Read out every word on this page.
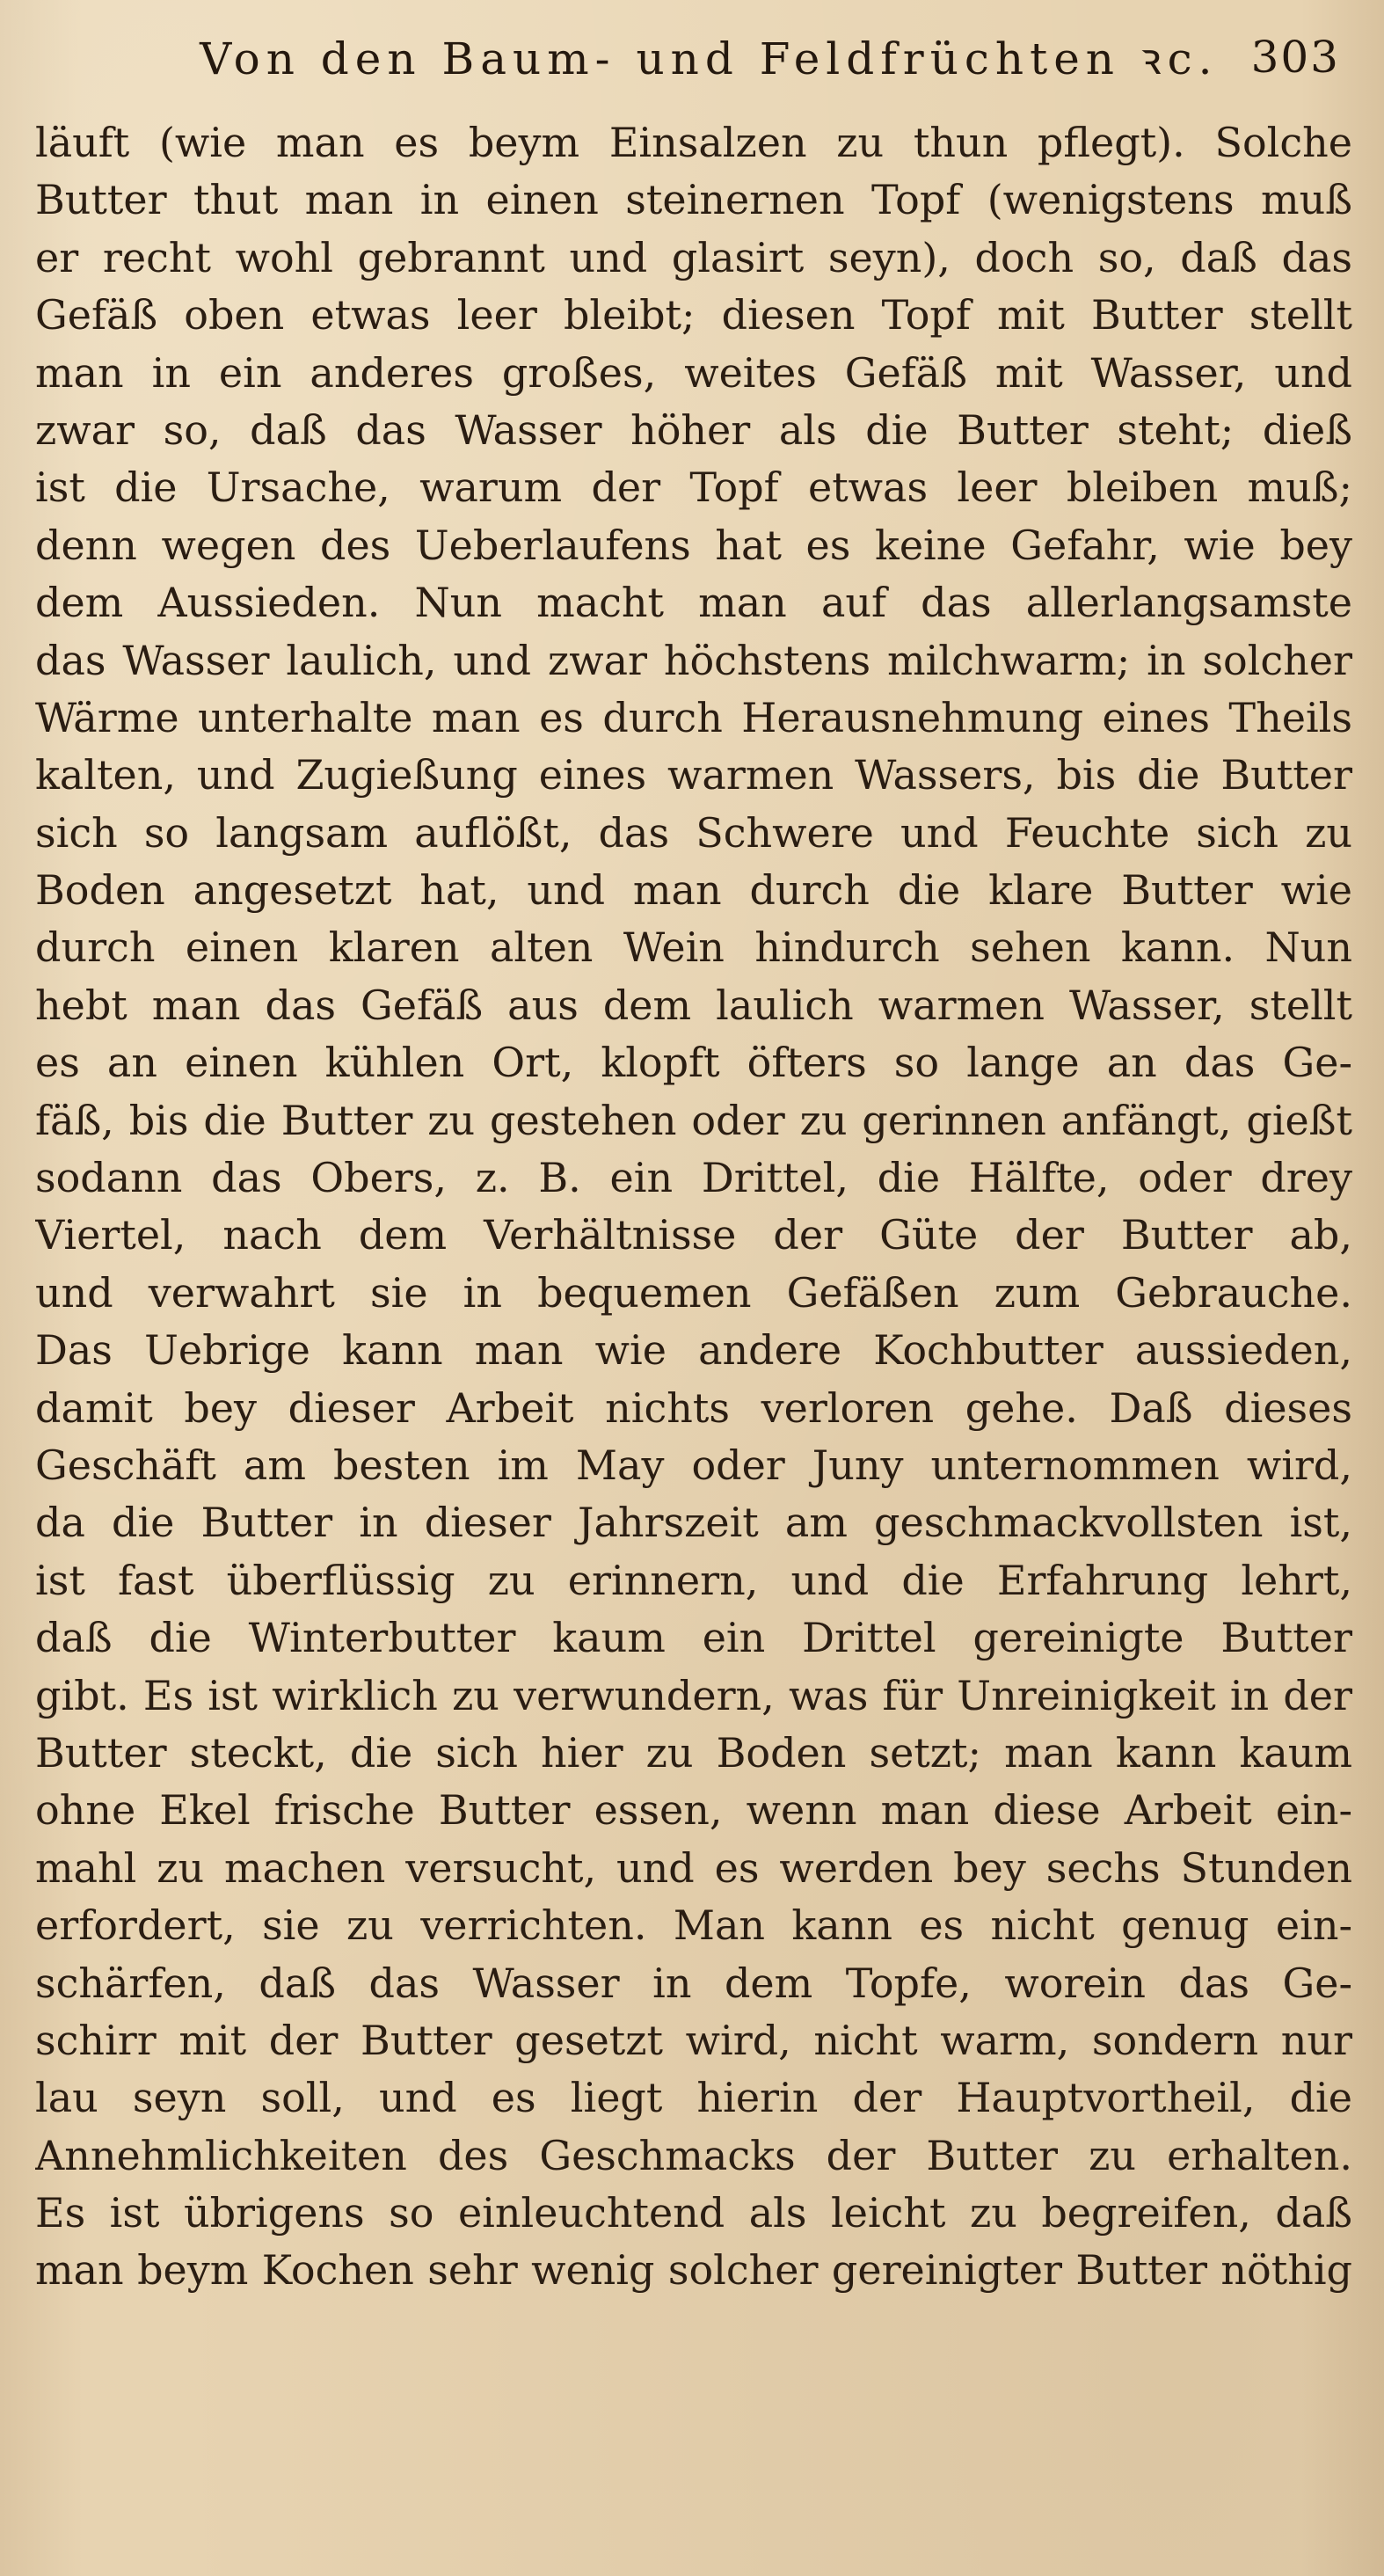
Von den Baum- und Feldfrüchten ꝛc. 303
läuft (wie man es beym Einsalzen zu thun pflegt). Solche
Butter thut man in einen steinernen Topf (wenigstens muß
er recht wohl gebrannt und glasirt seyn), doch so, daß das
Gefäß oben etwas leer bleibt; diesen Topf mit Butter stellt
man in ein anderes großes, weites Gefäß mit Wasser, und
zwar so, daß das Wasser höher als die Butter steht; dieß
ist die Ursache, warum der Topf etwas leer bleiben muß;
denn wegen des Ueberlaufens hat es keine Gefahr, wie bey
dem Aussieden. Nun macht man auf das allerlangsamste
das Wasser laulich, und zwar höchstens milchwarm; in solcher
Wärme unterhalte man es durch Herausnehmung eines Theils
kalten, und Zugießung eines warmen Wassers, bis die Butter
sich so langsam auflößt, das Schwere und Feuchte sich zu
Boden angesetzt hat, und man durch die klare Butter wie
durch einen klaren alten Wein hindurch sehen kann. Nun
hebt man das Gefäß aus dem laulich warmen Wasser, stellt
es an einen kühlen Ort, klopft öfters so lange an das Ge-
fäß, bis die Butter zu gestehen oder zu gerinnen anfängt, gießt
sodann das Obers, z. B. ein Drittel, die Hälfte, oder drey
Viertel, nach dem Verhältnisse der Güte der Butter ab,
und verwahrt sie in bequemen Gefäßen zum Gebrauche.
Das Uebrige kann man wie andere Kochbutter aussieden,
damit bey dieser Arbeit nichts verloren gehe. Daß dieses
Geschäft am besten im May oder Juny unternommen wird,
da die Butter in dieser Jahrszeit am geschmackvollsten ist,
ist fast überflüssig zu erinnern, und die Erfahrung lehrt,
daß die Winterbutter kaum ein Drittel gereinigte Butter
gibt. Es ist wirklich zu verwundern, was für Unreinigkeit in der
Butter steckt, die sich hier zu Boden setzt; man kann kaum
ohne Ekel frische Butter essen, wenn man diese Arbeit ein-
mahl zu machen versucht, und es werden bey sechs Stunden
erfordert, sie zu verrichten. Man kann es nicht genug ein-
schärfen, daß das Wasser in dem Topfe, worein das Ge-
schirr mit der Butter gesetzt wird, nicht warm, sondern nur
lau seyn soll, und es liegt hierin der Hauptvortheil, die
Annehmlichkeiten des Geschmacks der Butter zu erhalten.
Es ist übrigens so einleuchtend als leicht zu begreifen, daß
man beym Kochen sehr wenig solcher gereinigter Butter nöthig
